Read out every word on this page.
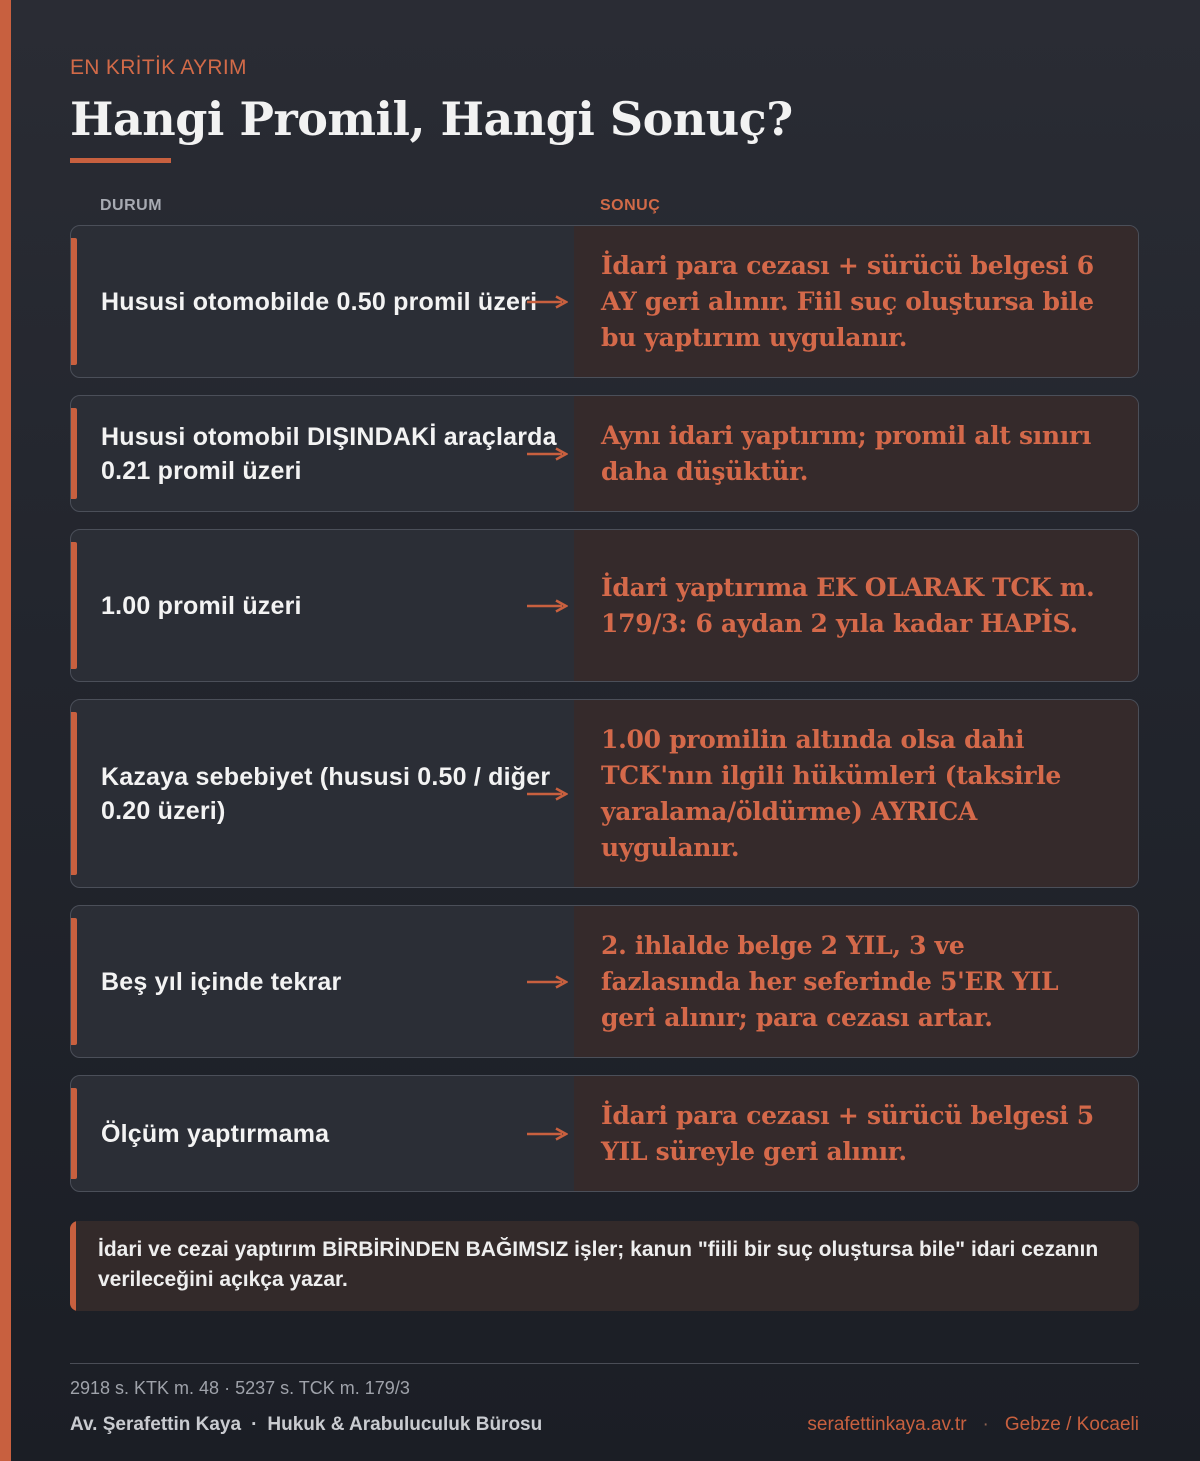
EN KRİTİK AYRIM
Hangi Promil, Hangi Sonuç?
DURUM	SONUÇ
Hususi otomobilde 0.50 promil üzeri
İdari para cezası + sürücü belgesi 6 AY geri alınır. Fiil suç oluştursa bile bu yaptırım uygulanır.
Hususi otomobil DIŞINDAKİ araçlarda 0.21 promil üzeri
Aynı idari yaptırım; promil alt sınırı daha düşüktür.
1.00 promil üzeri
İdari yaptırıma EK OLARAK TCK m. 179/3: 6 aydan 2 yıla kadar HAPİS.
Kazaya sebebiyet (hususi 0.50 / diğer 0.20 üzeri)
1.00 promilin altında olsa dahi TCK'nın ilgili hükümleri (taksirle yaralama/öldürme) AYRICA uygulanır.
Beş yıl içinde tekrar
2. ihlalde belge 2 YIL, 3 ve fazlasında her seferinde 5'ER YIL geri alınır; para cezası artar.
Ölçüm yaptırmama
İdari para cezası + sürücü belgesi 5 YIL süreyle geri alınır.
İdari ve cezai yaptırım BİRBİRİNDEN BAĞIMSIZ işler; kanun "fiili bir suç oluştursa bile" idari cezanın verileceğini açıkça yazar.
2918 s. KTK m. 48 · 5237 s. TCK m. 179/3
Av. Şerafettin Kaya · Hukuk & Arabuluculuk Bürosu	serafettinkaya.av.tr · Gebze / Kocaeli
